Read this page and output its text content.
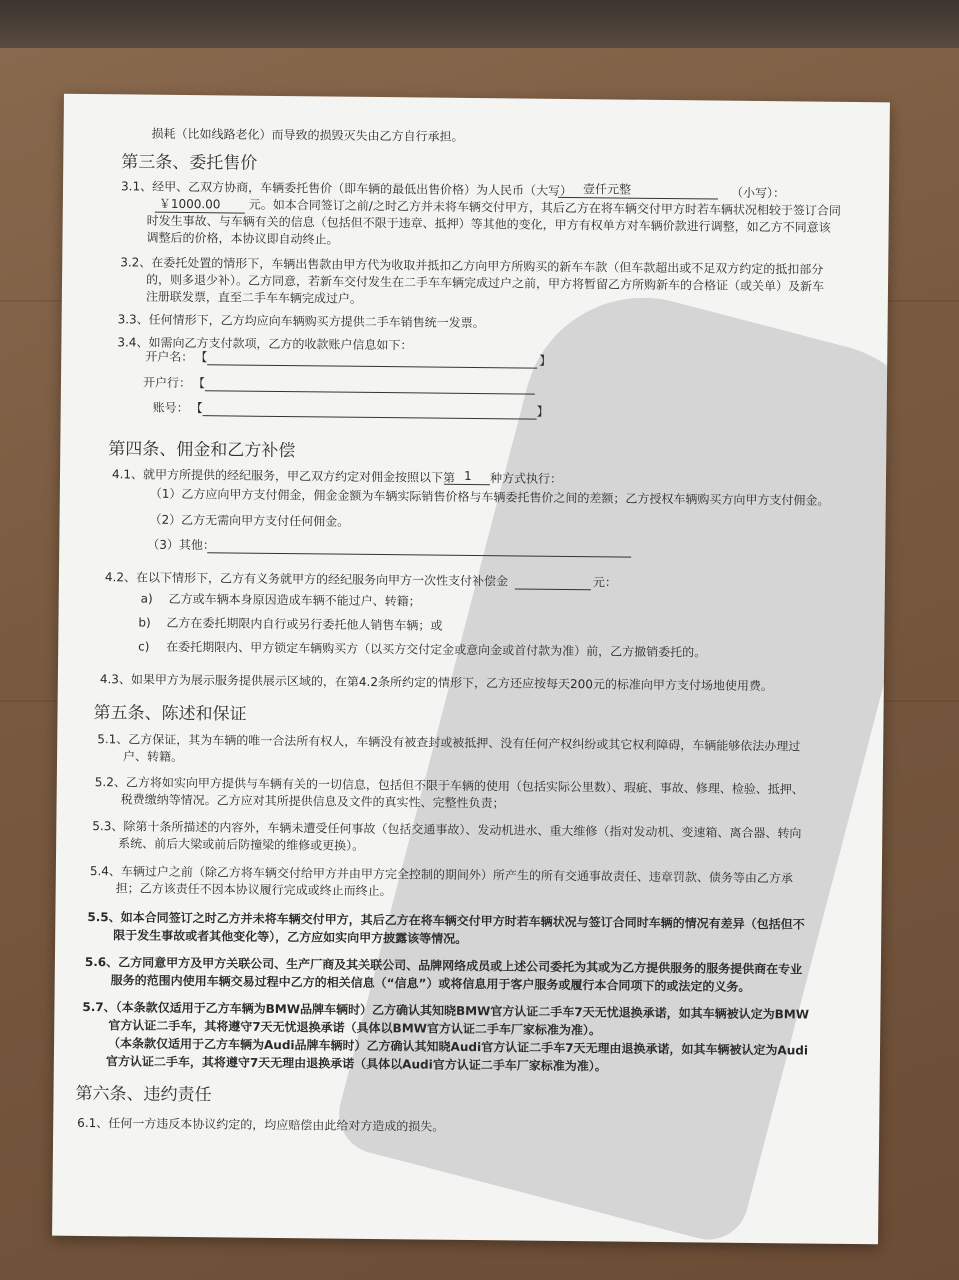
损耗（比如线路老化）而导致的损毁灭失由乙方自行承担。
第三条、委托售价
3.1、经甲、乙双方协商，车辆委托售价（即车辆的最低出售价格）为人民币（大写） 壹仟元整	（小写）：
￥1000.00 元。如本合同签订之前/之时乙方并未将车辆交付甲方，其后乙方在将车辆交付甲方时若车辆状况相较于签订合同
时发生事故、与车辆有关的信息（包括但不限于违章、抵押）等其他的变化，甲方有权单方对车辆价款进行调整，如乙方不同意该
调整后的价格，本协议即自动终止。
3.2、在委托处置的情形下，车辆出售款由甲方代为收取并抵扣乙方向甲方所购买的新车车款（但车款超出或不足双方约定的抵扣部分
的，则多退少补）。乙方同意，若新车交付发生在二手车车辆完成过户之前，甲方将暂留乙方所购新车的合格证（或关单）及新车
注册联发票，直至二手车车辆完成过户。
3.3、任何情形下，乙方均应向车辆购买方提供二手车销售统一发票。
3.4、如需向乙方支付款项，乙方的收款账户信息如下：
开户名： 【	】
开户行： 【
账号： 【	】
第四条、佣金和乙方补偿
4.1、就甲方所提供的经纪服务，甲乙双方约定对佣金按照以下第 1 种方式执行：
（1）乙方应向甲方支付佣金，佣金金额为车辆实际销售价格与车辆委托售价之间的差额；乙方授权车辆购买方向甲方支付佣金。
（2）乙方无需向甲方支付任何佣金。
（3）其他：
4.2、在以下情形下，乙方有义务就甲方的经纪服务向甲方一次性支付补偿金	元：
a) 乙方或车辆本身原因造成车辆不能过户、转籍；
b) 乙方在委托期限内自行或另行委托他人销售车辆；或
c) 在委托期限内、甲方锁定车辆购买方（以买方交付定金或意向金或首付款为准）前，乙方撤销委托的。
4.3、如果甲方为展示服务提供展示区域的，在第4.2条所约定的情形下，乙方还应按每天200元的标准向甲方支付场地使用费。
第五条、陈述和保证
5.1、乙方保证，其为车辆的唯一合法所有权人，车辆没有被查封或被抵押、没有任何产权纠纷或其它权利障碍，车辆能够依法办理过
户、转籍。
5.2、乙方将如实向甲方提供与车辆有关的一切信息，包括但不限于车辆的使用（包括实际公里数）、瑕疵、事故、修理、检验、抵押、
税费缴纳等情况。乙方应对其所提供信息及文件的真实性、完整性负责；
5.3、除第十条所描述的内容外，车辆未遭受任何事故（包括交通事故）、发动机进水、重大维修（指对发动机、变速箱、离合器、转向
系统、前后大梁或前后防撞梁的维修或更换）。
5.4、车辆过户之前（除乙方将车辆交付给甲方并由甲方完全控制的期间外）所产生的所有交通事故责任、违章罚款、债务等由乙方承
担；乙方该责任不因本协议履行完成或终止而终止。
5.5、如本合同签订之时乙方并未将车辆交付甲方，其后乙方在将车辆交付甲方时若车辆状况与签订合同时车辆的情况有差异（包括但不
限于发生事故或者其他变化等），乙方应如实向甲方披露该等情况。
5.6、乙方同意甲方及甲方关联公司、生产厂商及其关联公司、品牌网络成员或上述公司委托为其或为乙方提供服务的服务提供商在专业
服务的范围内使用车辆交易过程中乙方的相关信息（“信息”）或将信息用于客户服务或履行本合同项下的或法定的义务。
5.7、（本条款仅适用于乙方车辆为BMW品牌车辆时）乙方确认其知晓BMW官方认证二手车7天无忧退换承诺，如其车辆被认定为BMW
官方认证二手车，其将遵守7天无忧退换承诺（具体以BMW官方认证二手车厂家标准为准）。
（本条款仅适用于乙方车辆为Audi品牌车辆时）乙方确认其知晓Audi官方认证二手车7天无理由退换承诺，如其车辆被认定为Audi
官方认证二手车，其将遵守7天无理由退换承诺（具体以Audi官方认证二手车厂家标准为准）。
第六条、违约责任
6.1、任何一方违反本协议约定的，均应赔偿由此给对方造成的损失。
